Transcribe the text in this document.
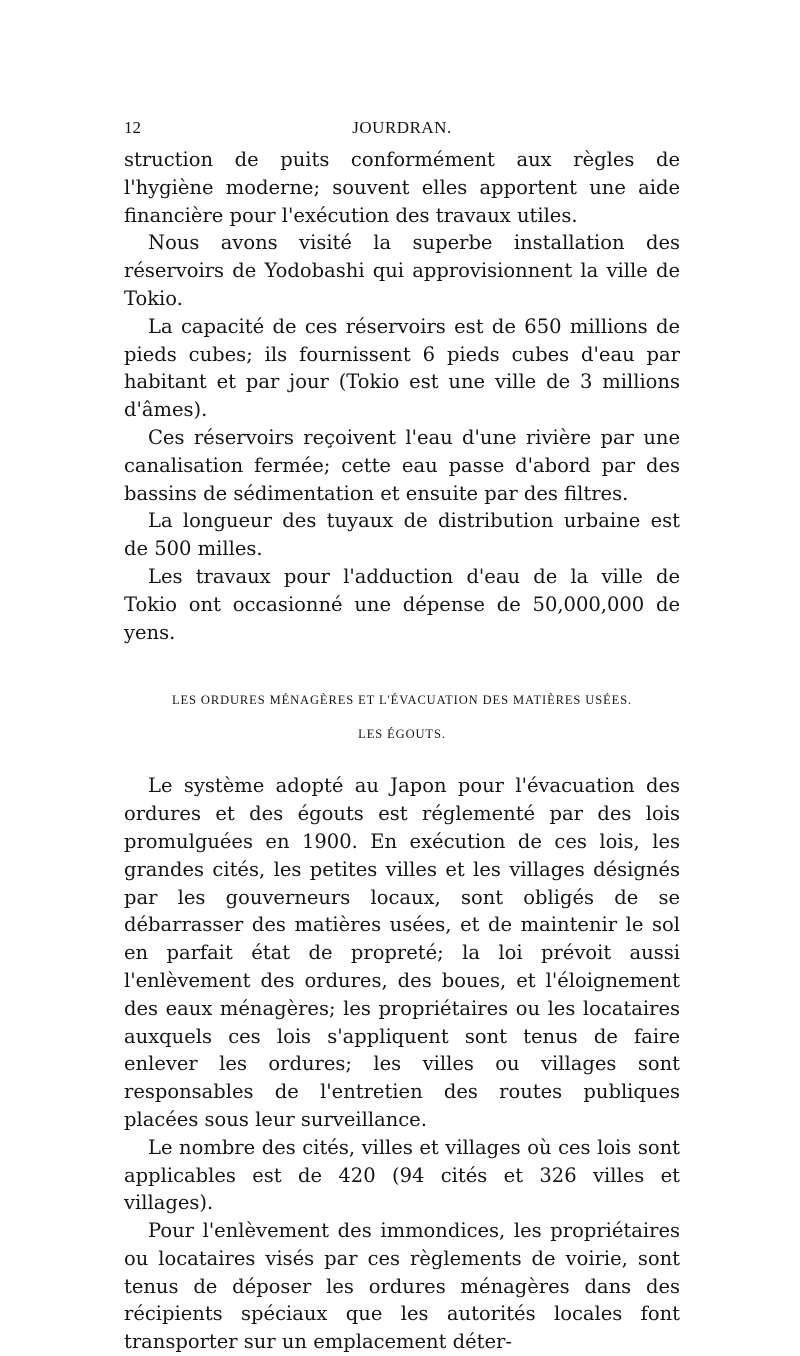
12	JOURDRAN.

struction de puits conformément aux règles de l'hygiène moderne; souvent elles apportent une aide financière pour l'exécution des travaux utiles.

Nous avons visité la superbe installation des réservoirs de Yodobashi qui approvisionnent la ville de Tokio.

La capacité de ces réservoirs est de 650 millions de pieds cubes; ils fournissent 6 pieds cubes d'eau par habitant et par jour (Tokio est une ville de 3 millions d'âmes).

Ces réservoirs reçoivent l'eau d'une rivière par une canalisation fermée; cette eau passe d'abord par des bassins de sédimentation et ensuite par des filtres.

La longueur des tuyaux de distribution urbaine est de 500 milles.

Les travaux pour l'adduction d'eau de la ville de Tokio ont occasionné une dépense de 50,000,000 de yens.

LES ORDURES MÉNAGÈRES ET L'ÉVACUATION DES MATIÈRES USÉES.
LES ÉGOUTS.

Le système adopté au Japon pour l'évacuation des ordures et des égouts est réglementé par des lois promulguées en 1900. En exécution de ces lois, les grandes cités, les petites villes et les villages désignés par les gouverneurs locaux, sont obligés de se débarrasser des matières usées, et de maintenir le sol en parfait état de propreté; la loi prévoit aussi l'enlèvement des ordures, des boues, et l'éloignement des eaux ménagères; les propriétaires ou les locataires auxquels ces lois s'appliquent sont tenus de faire enlever les ordures; les villes ou villages sont responsables de l'entretien des routes publiques placées sous leur surveillance.

Le nombre des cités, villes et villages où ces lois sont applicables est de 420 (94 cités et 326 villes et villages).

Pour l'enlèvement des immondices, les propriétaires ou locataires visés par ces règlements de voirie, sont tenus de déposer les ordures ménagères dans des récipients spéciaux que les autorités locales font transporter sur un emplacement déter-
